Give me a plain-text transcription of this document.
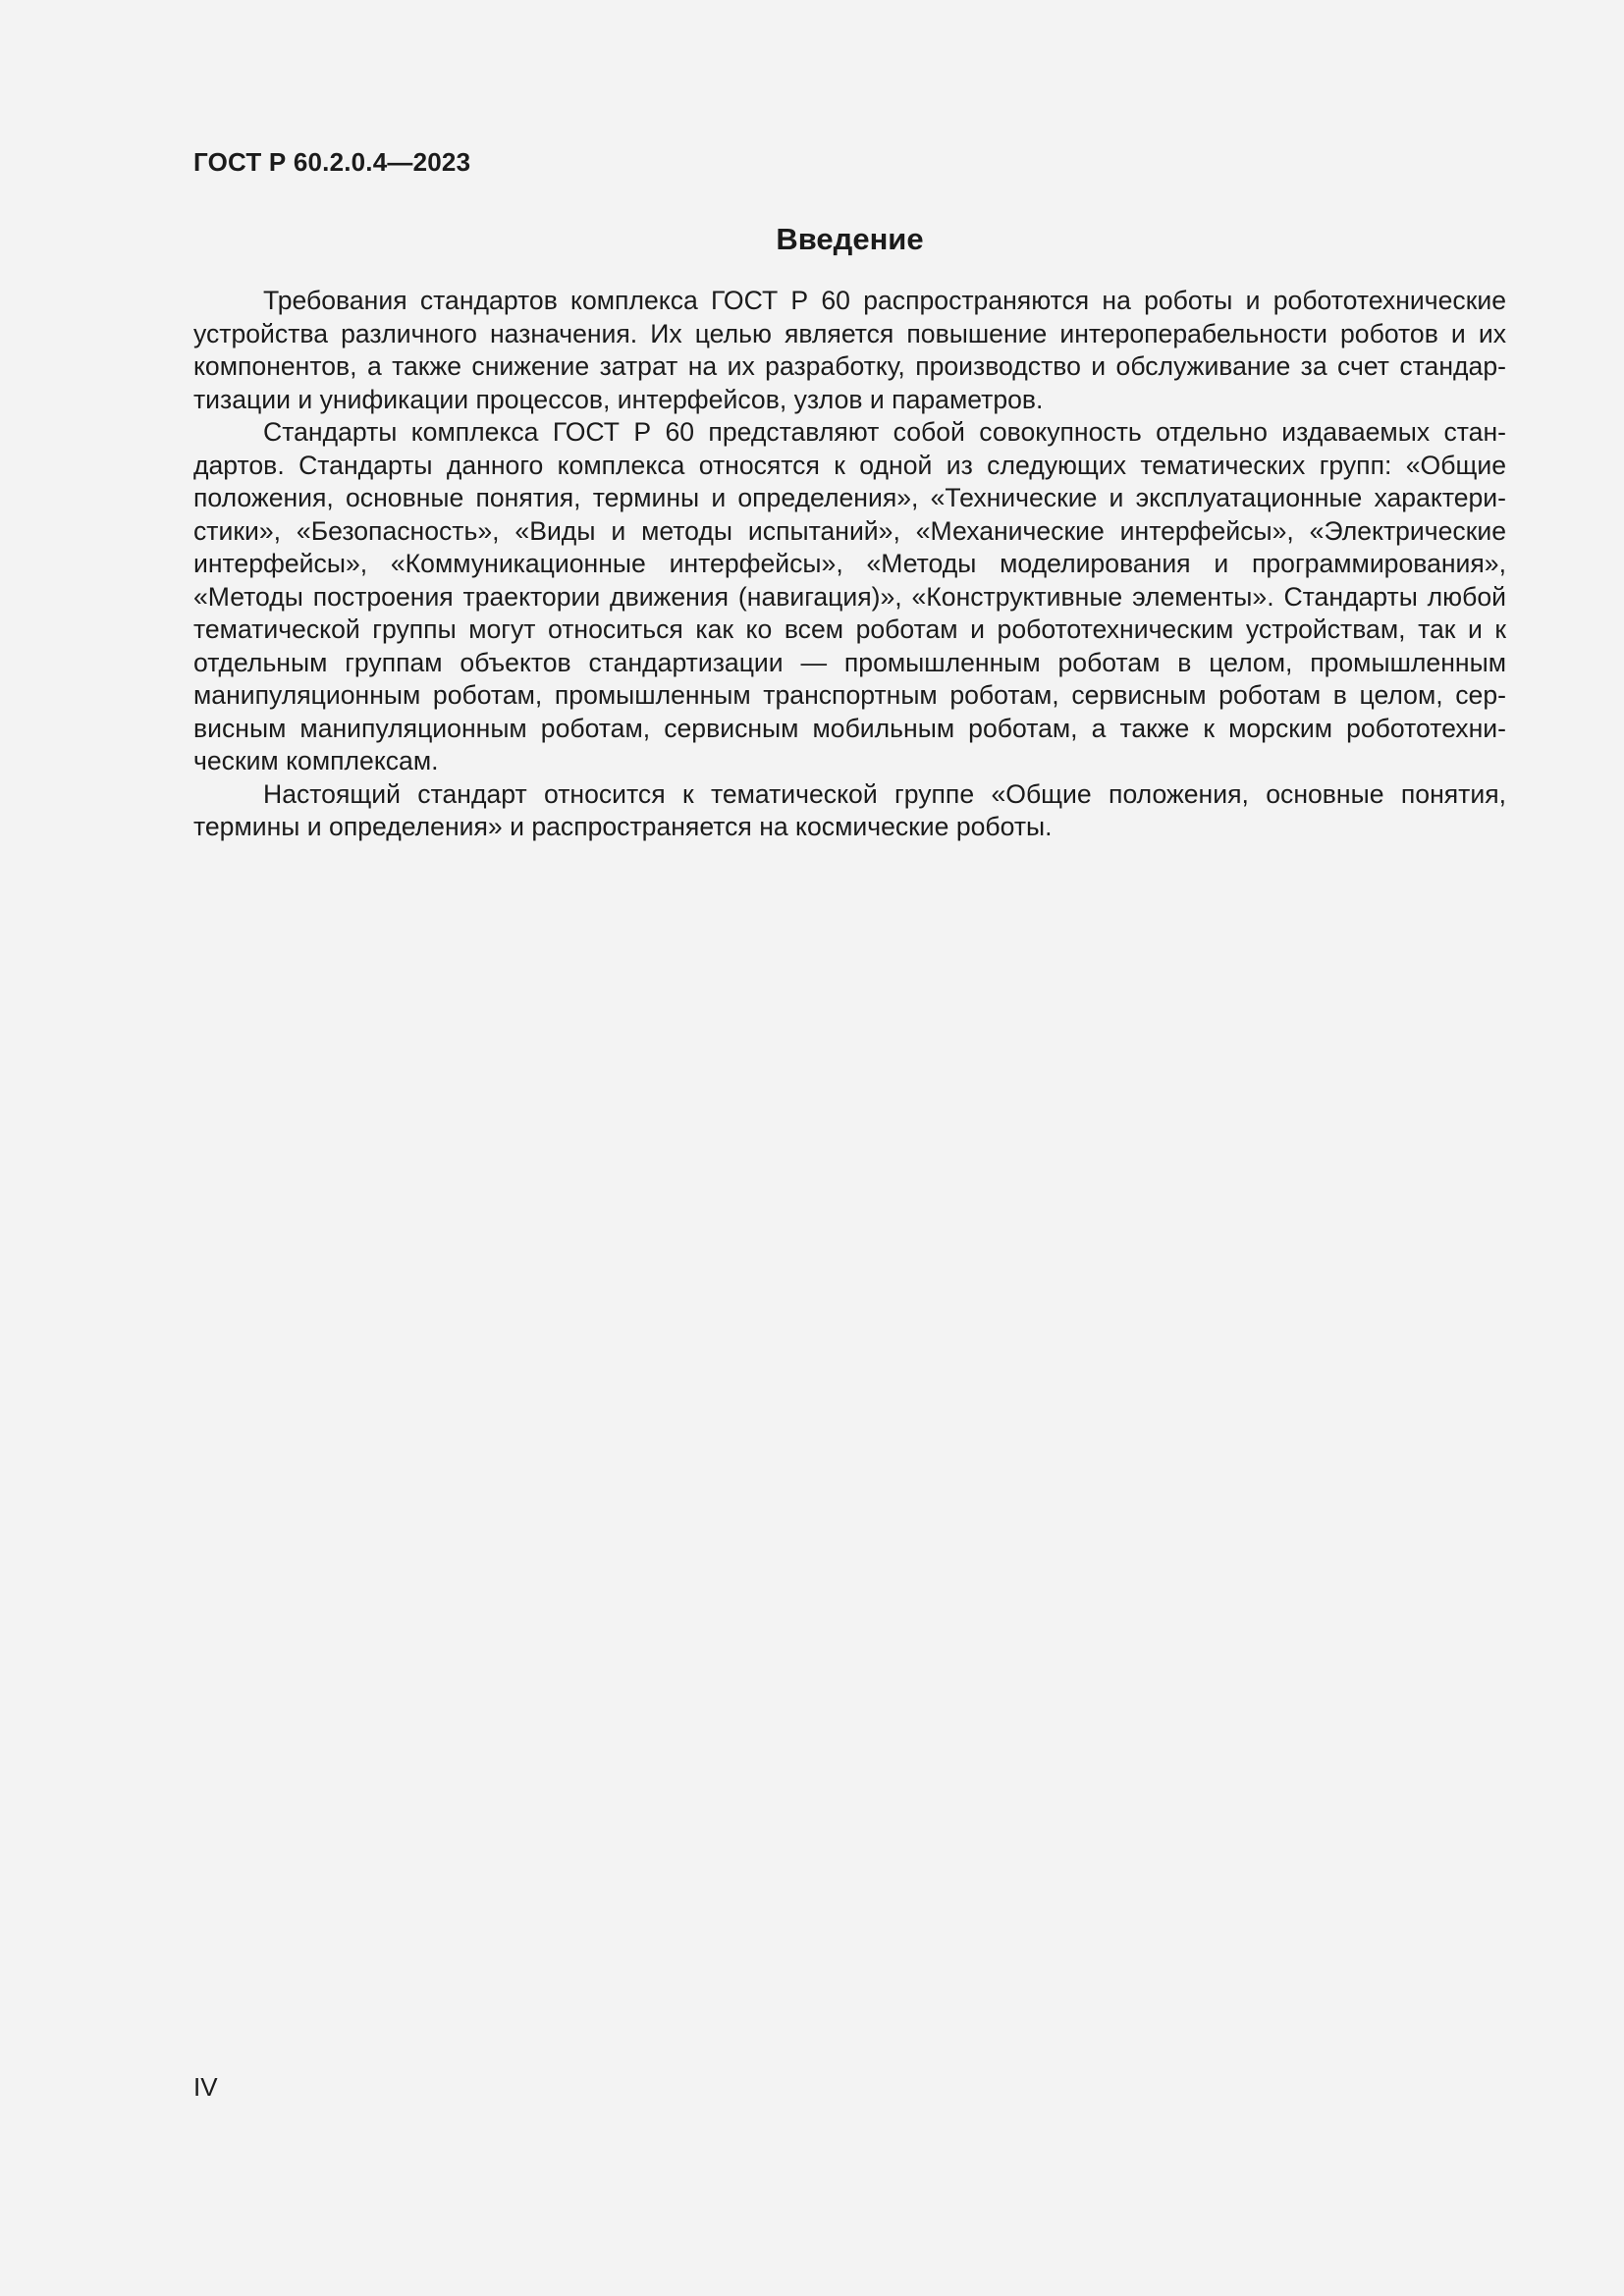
ГОСТ Р 60.2.0.4—2023
Введение

Требования стандартов комплекса ГОСТ Р 60 распространяются на роботы и робототехнические устройства различного назначения. Их целью является повышение интероперабельности роботов и их компонентов, а также снижение затрат на их разработку, производство и обслуживание за счет стандартизации и унификации процессов, интерфейсов, узлов и параметров.

Стандарты комплекса ГОСТ Р 60 представляют собой совокупность отдельно издаваемых стандартов. Стандарты данного комплекса относятся к одной из следующих тематических групп: «Общие положения, основные понятия, термины и определения», «Технические и эксплуатационные характеристики», «Безопасность», «Виды и методы испытаний», «Механические интерфейсы», «Электрические интерфейсы», «Коммуникационные интерфейсы», «Методы моделирования и программирования», «Методы построения траектории движения (навигация)», «Конструктивные элементы». Стандарты любой тематической группы могут относиться как ко всем роботам и робототехническим устройствам, так и к отдельным группам объектов стандартизации — промышленным роботам в целом, промышленным манипуляционным роботам, промышленным транспортным роботам, сервисным роботам в целом, сервисным манипуляционным роботам, сервисным мобильным роботам, а также к морским робототехническим комплексам.

Настоящий стандарт относится к тематической группе «Общие положения, основные понятия, термины и определения» и распространяется на космические роботы.

IV
